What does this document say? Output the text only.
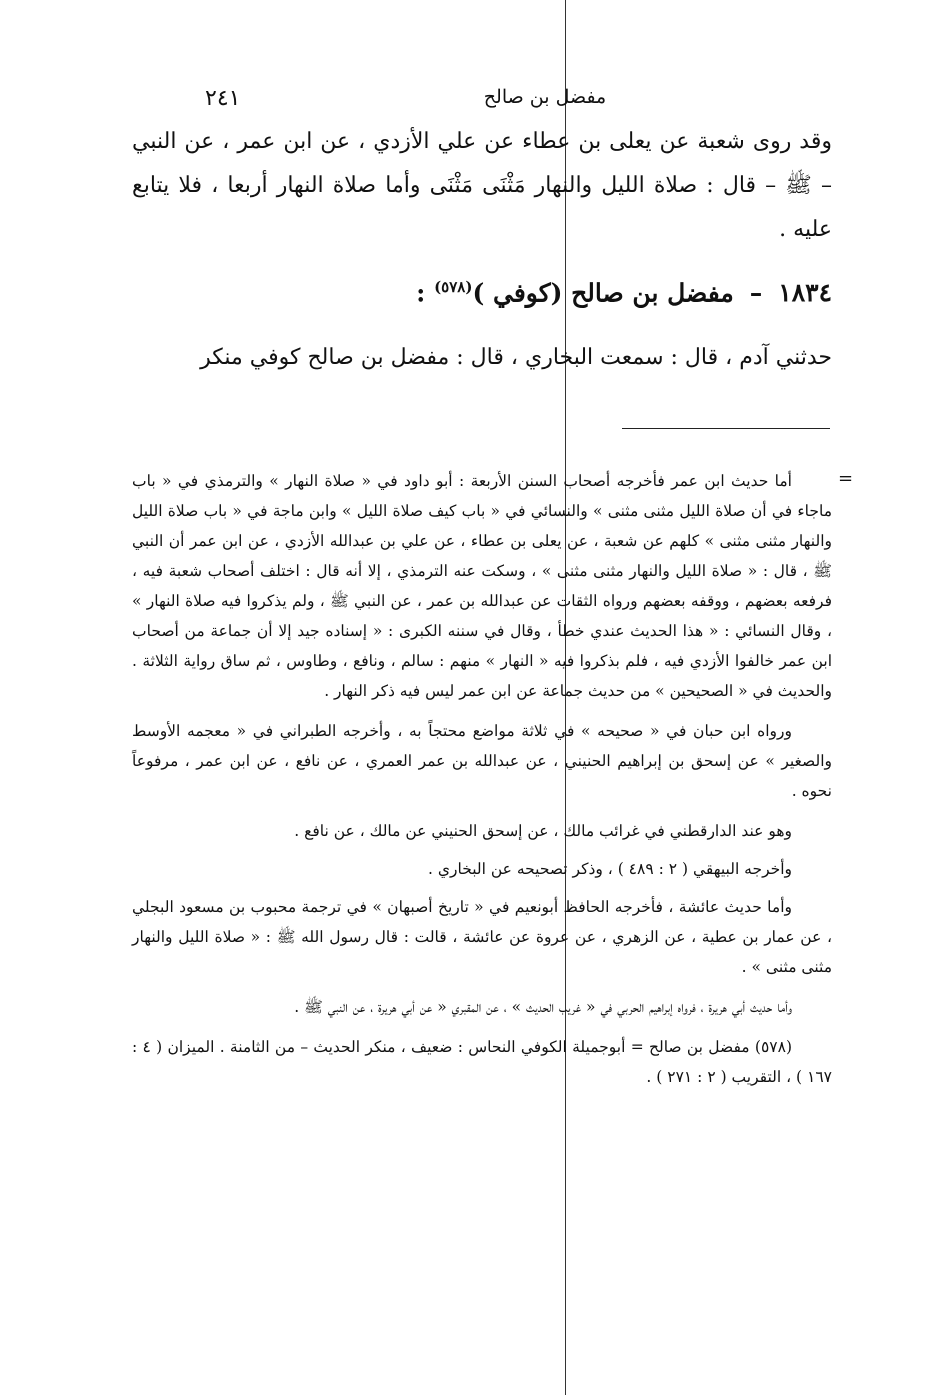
٢٤١	مفضل بن صالح

وقد روى شعبة عن يعلى بن عطاء عن علي الأزدي ، عن ابن عمر ، عن النبي – ﷺ – قال : صلاة الليل والنهار مَثْنَى مَثْنَى وأما صلاة النهار أربعا ، فلا يتابع عليه .

١٨٣٤–مفضل بن صالح (كوفي )$^{(٥٧٨)}$ :
حدثني آدم ، قال : سمعت البخاري ، قال : مفضل بن صالح كوفي منكر
=

أما حديث ابن عمر فأخرجه أصحاب السنن الأربعة : أبو داود في « صلاة النهار » والترمذي في « باب ماجاء في أن صلاة الليل مثنى مثنى » والنسائي في « باب كيف صلاة الليل » وابن ماجة في « باب صلاة الليل والنهار مثنى مثنى » كلهم عن شعبة ، عن يعلى بن عطاء ، عن علي بن عبدالله الأزدي ، عن ابن عمر أن النبي ﷺ ، قال : « صلاة الليل والنهار مثنى مثنى » ، وسكت عنه الترمذي ، إلا أنه قال : اختلف أصحاب شعبة فيه ، فرفعه بعضهم ، ووقفه بعضهم ورواه الثقات عن عبدالله بن عمر ، عن النبي ﷺ ، ولم يذكروا فيه صلاة النهار » ، وقال النسائي : « هذا الحديث عندي خطأ ، وقال في سننه الكبرى : « إسناده جيد إلا أن جماعة من أصحاب ابن عمر خالفوا الأزدي فيه ، فلم بذكروا فيه « النهار » منهم : سالم ، ونافع ، وطاوس ، ثم ساق رواية الثلاثة . والحديث في « الصحيحين » من حديث جماعة عن ابن عمر ليس فيه ذكر النهار .

ورواه ابن حبان في « صحيحه » في ثلاثة مواضع محتجاً به ، وأخرجه الطبراني في « معجمه الأوسط والصغير » عن إسحق بن إبراهيم الحنيني ، عن عبدالله بن عمر العمري ، عن نافع ، عن ابن عمر ، مرفوعاً نحوه .

وهو عند الدارقطني في غرائب مالك ، عن إسحق الحنيني عن مالك ، عن نافع .

وأخرجه البيهقي ( ٢ : ٤٨٩ ) ، وذكر تصحيحه عن البخاري .

وأما حديث عائشة ، فأخرجه الحافظ أبونعيم في « تاريخ أصبهان » في ترجمة محبوب بن مسعود البجلي ، عن عمار بن عطية ، عن الزهري ، عن عروة عن عائشة ، قالت : قال رسول الله ﷺ : « صلاة الليل والنهار مثنى مثنى » .

وأما حديث أبي هريرة ، فرواه إبراهيم الحربي في « غريب الحديث » ، عن المقبري « عن أبي هريرة ، عن النبي ﷺ .

(٥٧٨) مفضل بن صالح = أبوجميلة الكوفي النحاس : ضعيف ، منكر الحديث – من الثامنة . الميزان ( ٤ : ١٦٧ ) ، التقريب ( ٢ : ٢٧١ ) .
